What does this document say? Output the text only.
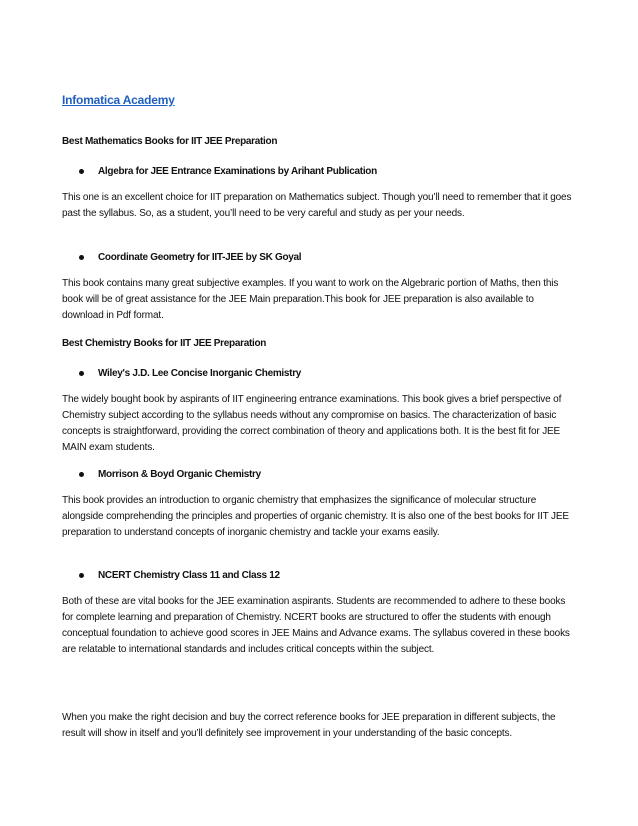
Infomatica Academy
Best Mathematics Books for IIT JEE Preparation
Algebra for JEE Entrance Examinations by Arihant Publication
This one is an excellent choice for IIT preparation on Mathematics subject. Though you’ll need to remember that it goes past the syllabus. So, as a student, you’ll need to be very careful and study as per your needs.
Coordinate Geometry for IIT-JEE by SK Goyal
This book contains many great subjective examples. If you want to work on the Algebraric portion of Maths, then this book will be of great assistance for the JEE Main preparation.This book for JEE preparation is also available to download in Pdf format.
Best Chemistry Books for IIT JEE Preparation
Wiley's J.D. Lee Concise Inorganic Chemistry
The widely bought book by aspirants of IIT engineering entrance examinations. This book gives a brief perspective of Chemistry subject according to the syllabus needs without any compromise on basics. The characterization of basic concepts is straightforward, providing the correct combination of theory and applications both. It is the best fit for JEE MAIN exam students.
Morrison & Boyd Organic Chemistry
This book provides an introduction to organic chemistry that emphasizes the significance of molecular structure alongside comprehending the principles and properties of organic chemistry. It is also one of the best books for IIT JEE preparation to understand concepts of inorganic chemistry and tackle your exams easily.
NCERT Chemistry Class 11 and Class 12
Both of these are vital books for the JEE examination aspirants. Students are recommended to adhere to these books for complete learning and preparation of Chemistry. NCERT books are structured to offer the students with enough conceptual foundation to achieve good scores in JEE Mains and Advance exams. The syllabus covered in these books are relatable to international standards and includes critical concepts within the subject.
When you make the right decision and buy the correct reference books for JEE preparation in different subjects, the result will show in itself and you’ll definitely see improvement in your understanding of the basic concepts.
